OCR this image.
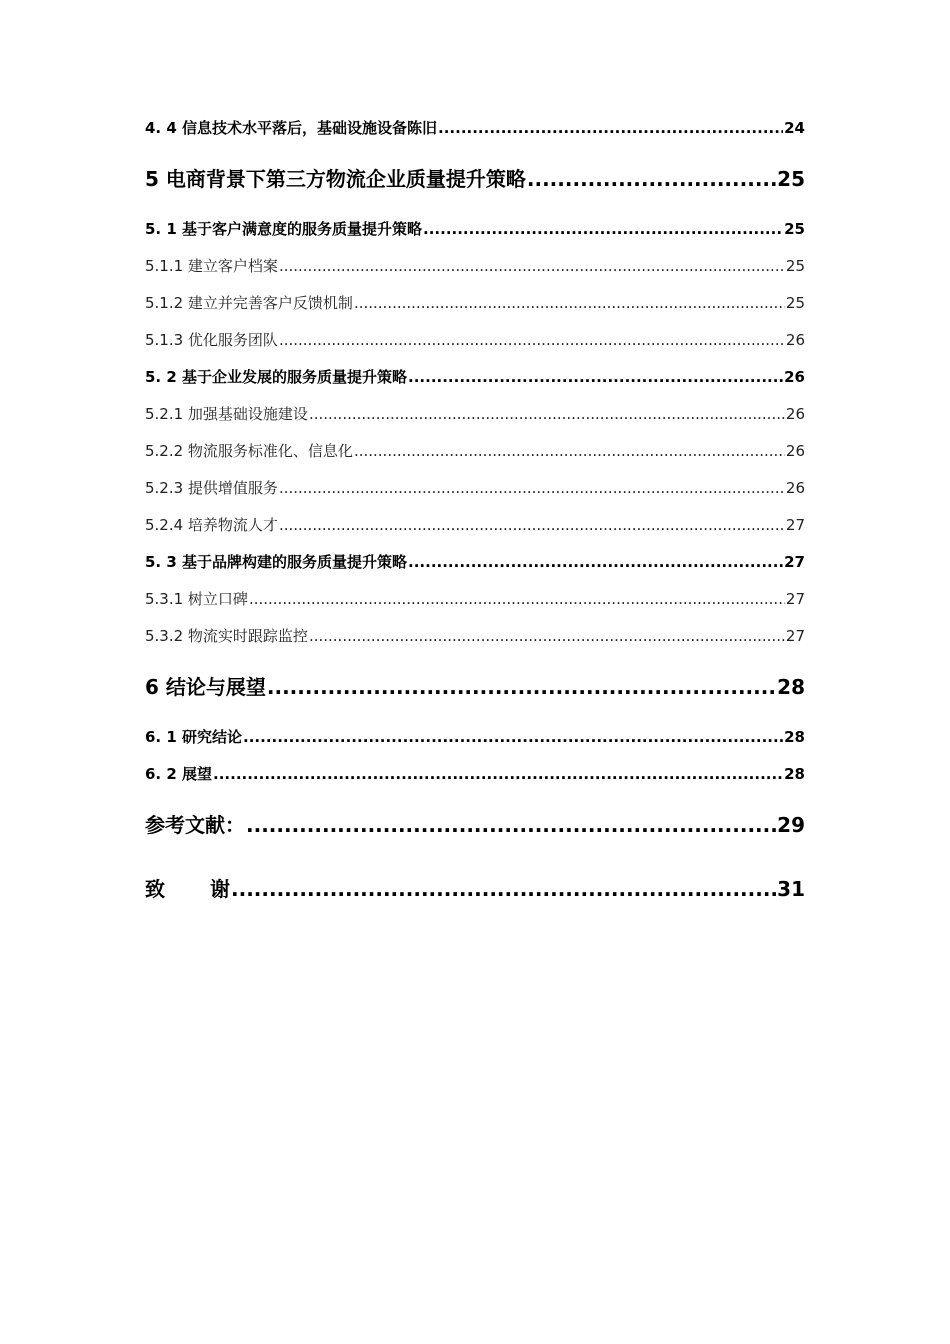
4. 4 信息技术水平落后，基础设施设备陈旧 .....	24
5 电商背景下第三方物流企业质量提升策略 .....	25
5. 1 基于客户满意度的服务质量提升策略 .....	25
5.1.1 建立客户档案 .....	25
5.1.2 建立并完善客户反馈机制 .....	25
5.1.3 优化服务团队 .....	26
5. 2 基于企业发展的服务质量提升策略 .....	26
5.2.1 加强基础设施建设 .....	26
5.2.2 物流服务标准化、信息化 .....	26
5.2.3 提供增值服务 .....	26
5.2.4 培养物流人才 .....	27
5. 3 基于品牌构建的服务质量提升策略 .....	27
5.3.1 树立口碑 .....	27
5.3.2 物流实时跟踪监控 .....	27
6 结论与展望 .....	28
6. 1 研究结论 .....	28
6. 2 展望 .....	28
参考文献： .....	29
致 谢 .....	31
